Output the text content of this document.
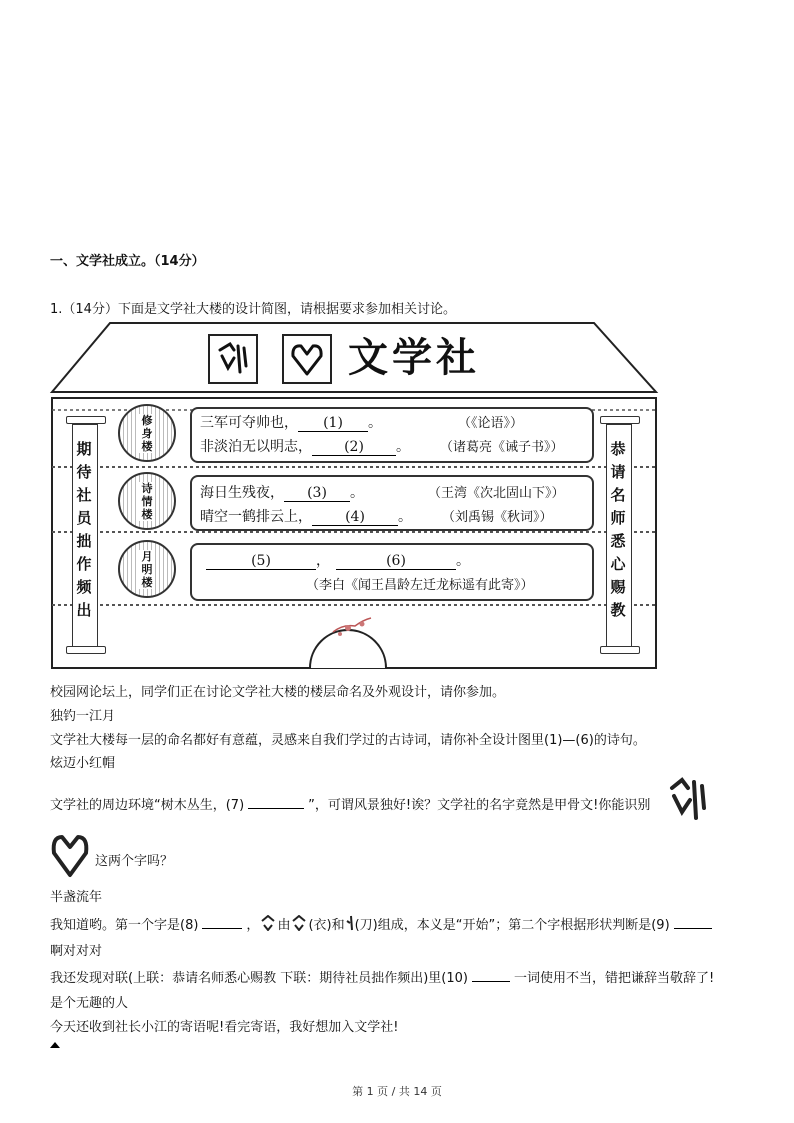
一、文学社成立。（14分）
1.（14分）下面是文学社大楼的设计简图，请根据要求参加相关讨论。
文学社
期
待
社
员
拙
作
频
出
恭
请
名
师
悉
心
赐
教
修
身
楼
三军可夺帅也， (1) 。	（《论语》）
非淡泊无以明志， (2) 。 （诸葛亮《诫子书》）
诗
情
楼
海日生残夜， (3) 。	（王湾《次北固山下》）
晴空一鹤排云上， (4) 。 （刘禹锡《秋词》）
月
明
楼
(5)	，	(6)	。
（李白《闻王昌龄左迁龙标遥有此寄》）
校园网论坛上，同学们正在讨论文学社大楼的楼层命名及外观设计，请你参加。
独钓一江月
文学社大楼每一层的命名都好有意蕴，灵感来自我们学过的古诗词，请你补全设计图里(1)—(6)的诗句。
炫迈小红帽
文学社的周边环境“树木丛生，(7)	”，可谓风景独好!诶？文学社的名字竟然是甲骨文!你能识别
这两个字吗？
半盏流年
我知道哟。第一个字是(8)	， 由 (衣)和 (刀)组成，本义是“开始”；第二个字根据形状判断是(9)
啊对对对
我还发现对联(上联：恭请名师悉心赐教 下联：期待社员拙作频出)里(10)	一词使用不当，错把谦辞当敬辞了!
是个无趣的人
今天还收到社长小江的寄语呢!看完寄语，我好想加入文学社!
第 1 页 / 共 14 页
